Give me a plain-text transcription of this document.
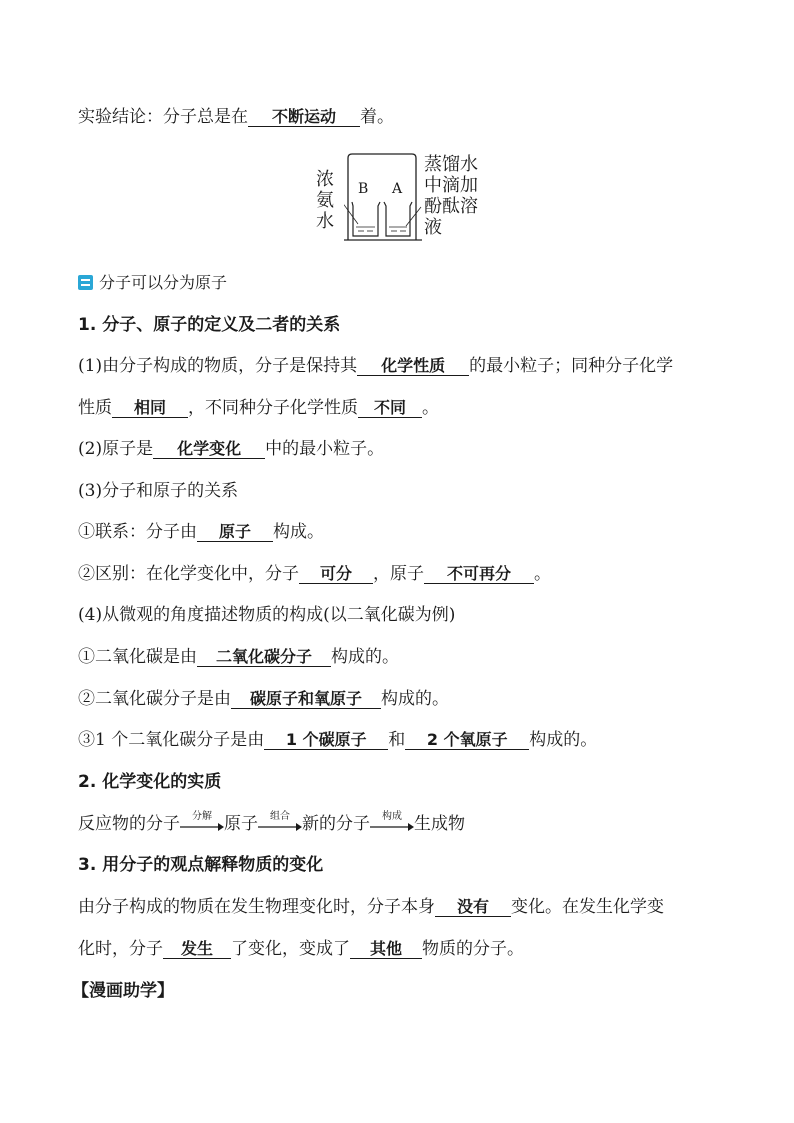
实验结论：分子总是在 不断运动 着。
浓
氨
水
B A
蒸馏水
中滴加
酚酞溶
液
分子可以分为原子
1. 分子、原子的定义及二者的关系
(1)由分子构成的物质，分子是保持其 化学性质 的最小粒子；同种分子化学
性质 相同 ，不同种分子化学性质 不同 。
(2)原子是 化学变化 中的最小粒子。
(3)分子和原子的关系
①联系：分子由 原子 构成。
②区别：在化学变化中，分子 可分 ，原子 不可再分 。
(4)从微观的角度描述物质的构成(以二氧化碳为例)
①二氧化碳是由 二氧化碳分子 构成的。
②二氧化碳分子是由 碳原子和氧原子 构成的。
③1 个二氧化碳分子是由 1 个碳原子 和 2 个氧原子 构成的。
2. 化学变化的实质
反应物的分子	分解 原子	组合 新的分子	构成 生成物
3. 用分子的观点解释物质的变化
由分子构成的物质在发生物理变化时，分子本身 没有 变化。在发生化学变
化时，分子 发生 了变化，变成了 其他 物质的分子。
【漫画助学】
